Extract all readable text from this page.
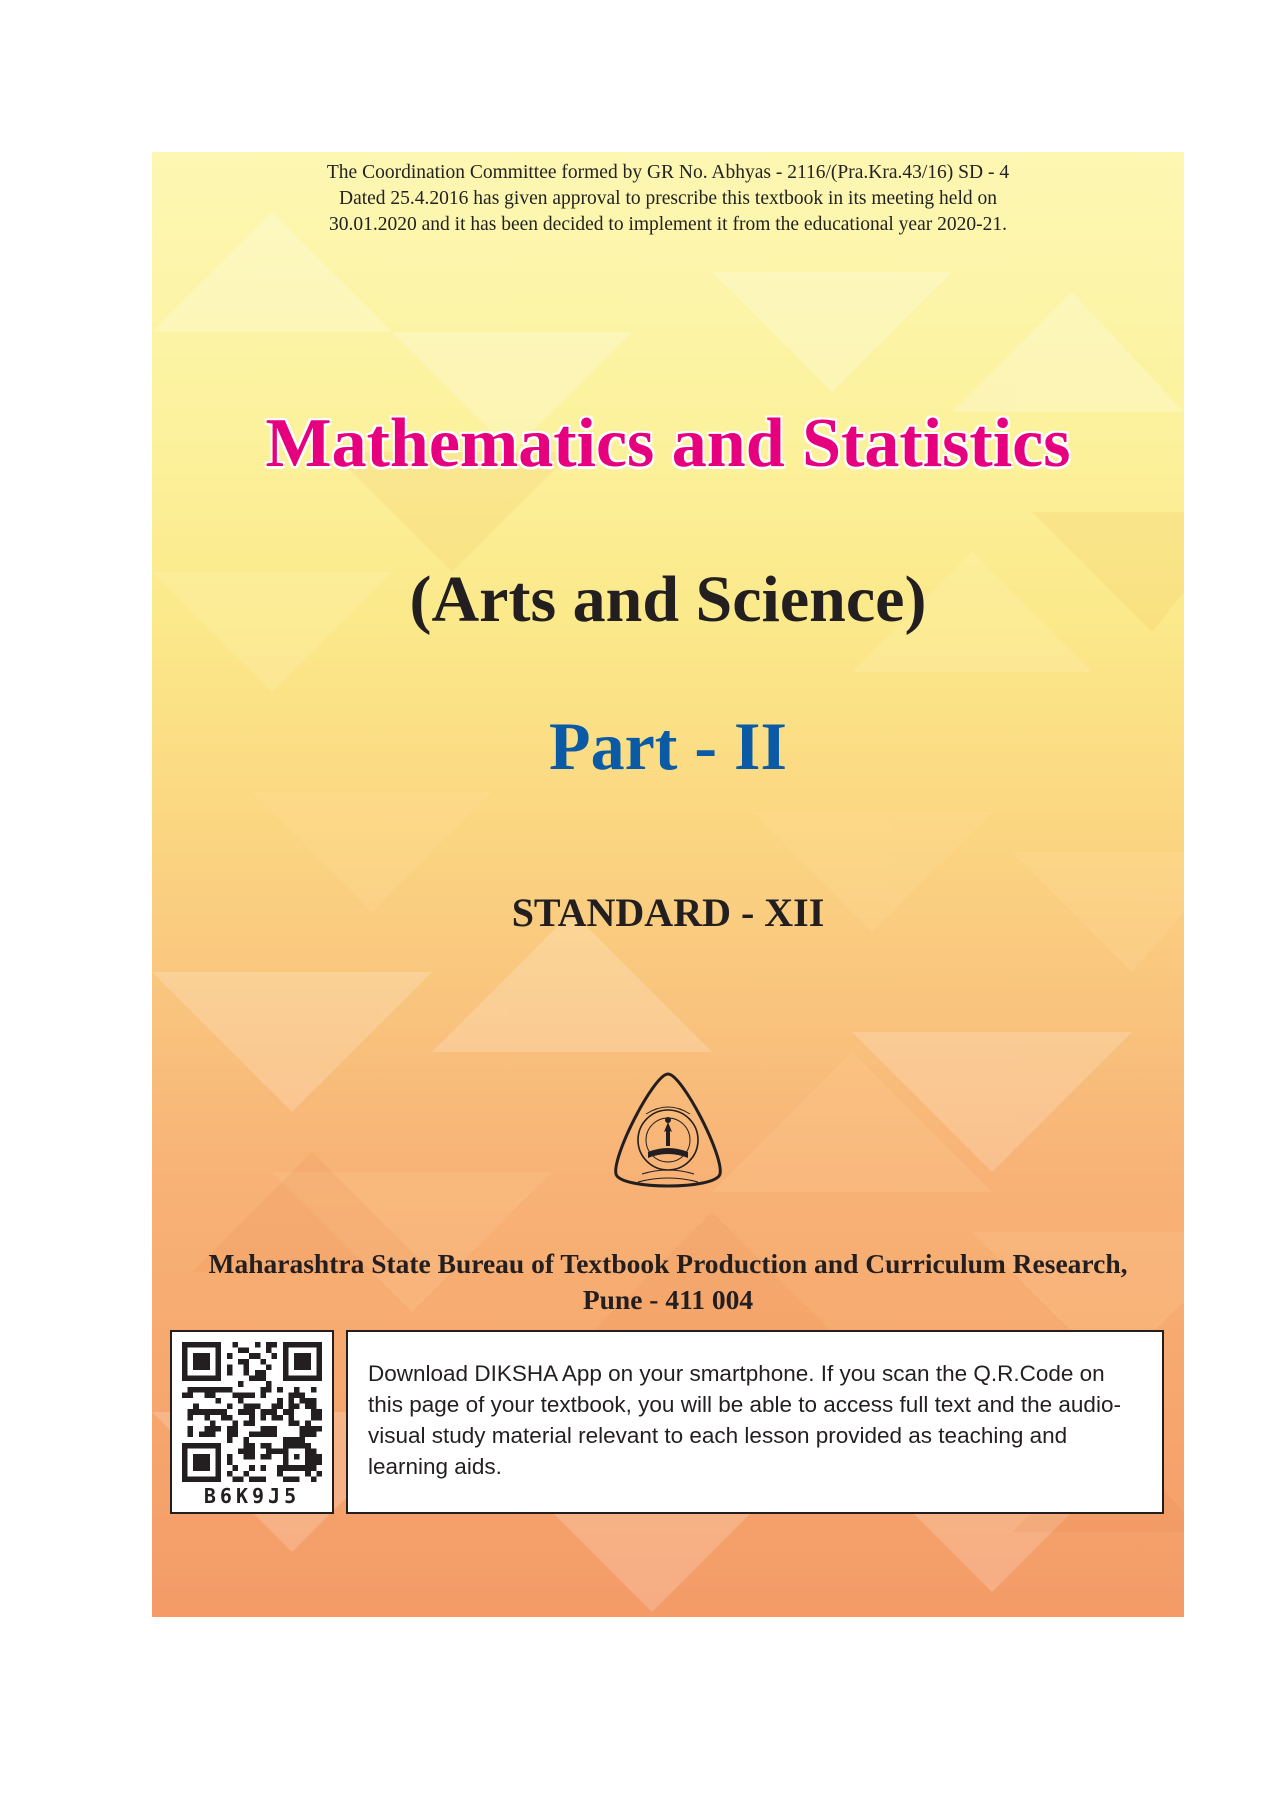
The Coordination Committee formed by GR No. Abhyas - 2116/(Pra.Kra.43/16) SD - 4
Dated 25.4.2016 has given approval to prescribe this textbook in its meeting held on
30.01.2020 and it has been decided to implement it from the educational year 2020-21.
Mathematics and Statistics
(Arts and Science)
Part - II
STANDARD - XII
Maharashtra State Bureau of Textbook Production and Curriculum Research,
Pune - 411 004
B6K9J5
Download DIKSHA App on your smartphone. If you scan the Q.R.Code on this page of your textbook, you will be able to access full text and the audio-visual study material relevant to each lesson provided as teaching and learning aids.
